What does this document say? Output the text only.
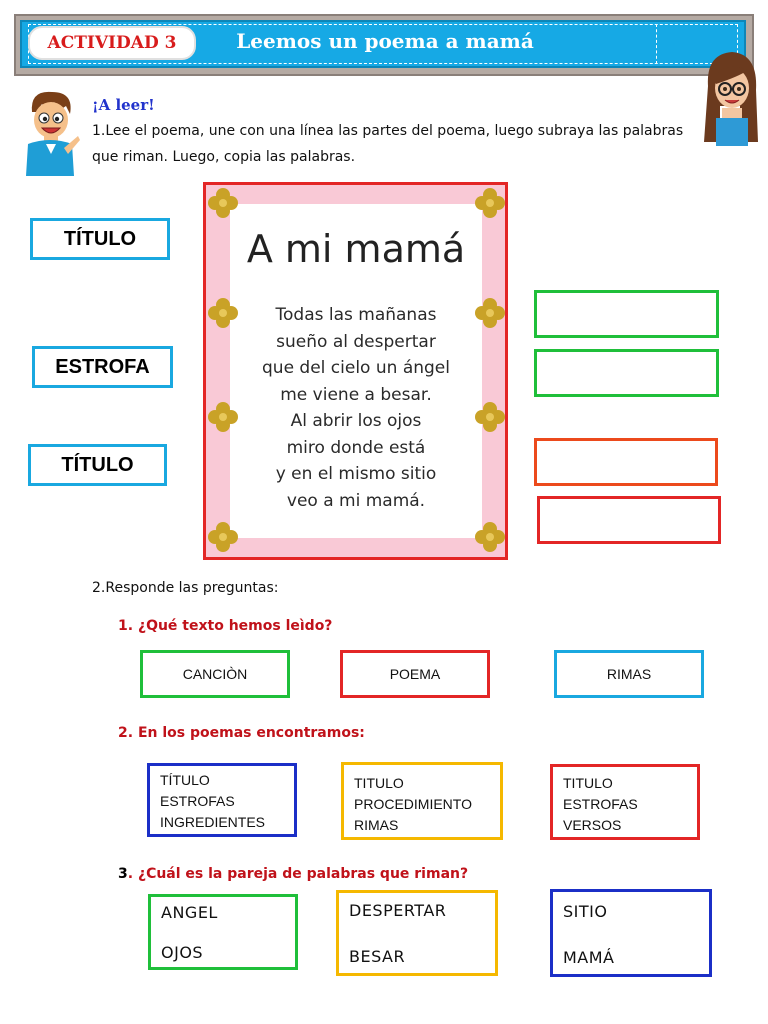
ACTIVIDAD 3	Leemos un poema a mamá
¡A leer!
1.Lee el poema, une con una línea las partes del poema, luego subraya las palabras que riman. Luego, copia las palabras.
TÍTULO
ESTROFA
TÍTULO
A mi mamá
Todas las mañanas
sueño al despertar
que del cielo un ángel
me viene a besar.
Al abrir los ojos
miro donde está
y en el mismo sitio
veo a mi mamá.
2.Responde las preguntas:
1. ¿Qué texto hemos leìdo?
CANCIÒN	POEMA	RIMAS
2. En los poemas encontramos:
TÍTULO
ESTROFAS
INGREDIENTES
TITULO
PROCEDIMIENTO
RIMAS
TITULO
ESTROFAS
VERSOS
3. ¿Cuál es la pareja de palabras que riman?
ANGEL
OJOS
DESPERTAR
BESAR
SITIO
MAMÁ
